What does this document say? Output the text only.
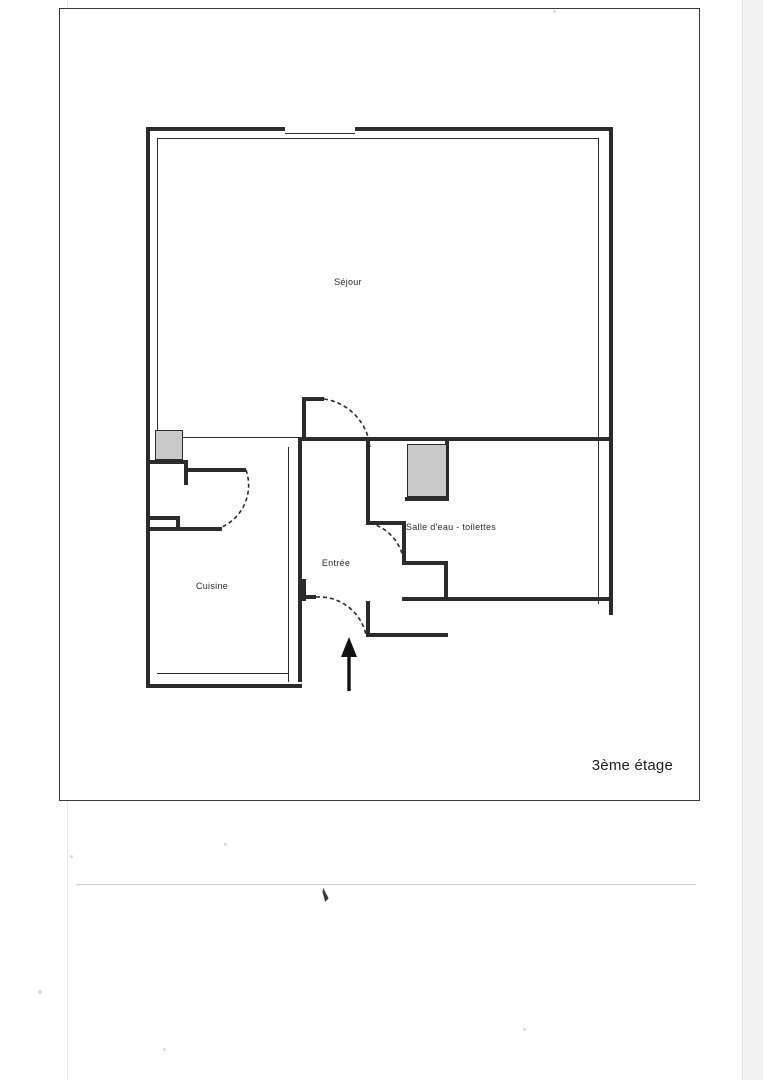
Séjour
Cuisine
Entrée
Salle d'eau - toilettes
3ème étage
